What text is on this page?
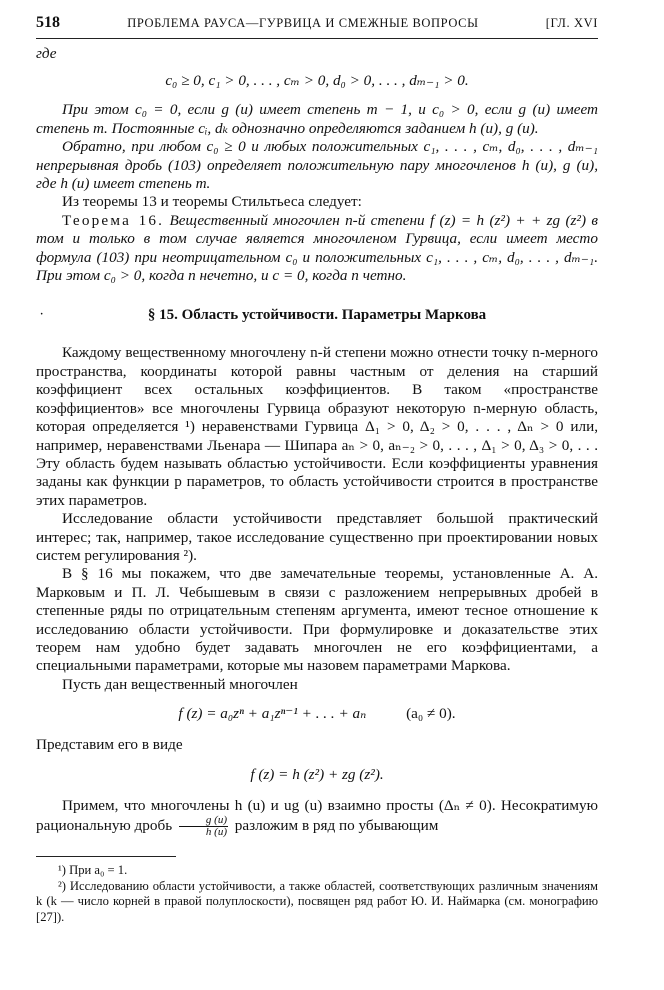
518	ПРОБЛЕМА РАУСА—ГУРВИЦА И СМЕЖНЫЕ ВОПРОСЫ	[ГЛ. XVI

где

c₀ ≥ 0, c₁ > 0, . . . , cₘ > 0, d₀ > 0, . . . , dₘ₋₁ > 0.

При этом c₀ = 0, если g (u) имеет степень m − 1, и c₀ > 0, если g (u) имеет степень m. Постоянные cᵢ, dₖ однозначно определяются заданием h (u), g (u).

Обратно, при любом c₀ ≥ 0 и любых положительных c₁, . . . , cₘ, d₀, . . . , dₘ₋₁ непрерывная дробь (103) определяет положительную пару многочленов h (u), g (u), где h (u) имеет степень m.

Из теоремы 13 и теоремы Стильтьеса следует:

Теорема 16. Вещественный многочлен n-й степени f (z) = h (z²) + + zg (z²) в том и только в том случае является многочленом Гурвица, если имеет место формула (103) при неотрицательном c₀ и положительных c₁, . . . , cₘ, d₀, . . . , dₘ₋₁. При этом c₀ > 0, когда n нечетно, и c = 0, когда n четно.

·	§ 15. Область устойчивости. Параметры Маркова

Каждому вещественному многочлену n-й степени можно отнести точку n-мерного пространства, координаты которой равны частным от деления на старший коэффициент всех остальных коэффициентов. В таком «пространстве коэффициентов» все многочлены Гурвица образуют некоторую n-мерную область, которая определяется ¹) неравенствами Гурвица Δ₁ > 0, Δ₂ > 0, . . . , Δₙ > 0 или, например, неравенствами Льенара — Шипара aₙ > 0, aₙ₋₂ > 0, . . . , Δ₁ > 0, Δ₃ > 0, . . . Эту область будем называть областью устойчивости. Если коэффициенты уравнения заданы как функции p параметров, то область устойчивости строится в пространстве этих параметров.

Исследование области устойчивости представляет большой практический интерес; так, например, такое исследование существенно при проектировании новых систем регулирования ²).

В § 16 мы покажем, что две замечательные теоремы, установленные А. А. Марковым и П. Л. Чебышевым в связи с разложением непрерывных дробей в степенные ряды по отрицательным степеням аргумента, имеют тесное отношение к исследованию области устойчивости. При формулировке и доказательстве этих теорем нам удобно будет задавать многочлен не его коэффициентами, а специальными параметрами, которые мы назовем параметрами Маркова.

Пусть дан вещественный многочлен

f (z) = a₀zⁿ + a₁zⁿ⁻¹ + . . . + aₙ	(a₀ ≠ 0).

Представим его в виде

f (z) = h (z²) + zg (z²).

Примем, что многочлены h (u) и ug (u) взаимно просты (Δₙ ≠ 0). Несократимую рациональную дробь $\frac{g (u)}{h (u)}$ разложим в ряд по убывающим

¹) При a₀ = 1.

²) Исследованию области устойчивости, а также областей, соответствующих различным значениям k (k — число корней в правой полуплоскости), посвящен ряд работ Ю. И. Наймарка (см. монографию [27]).
